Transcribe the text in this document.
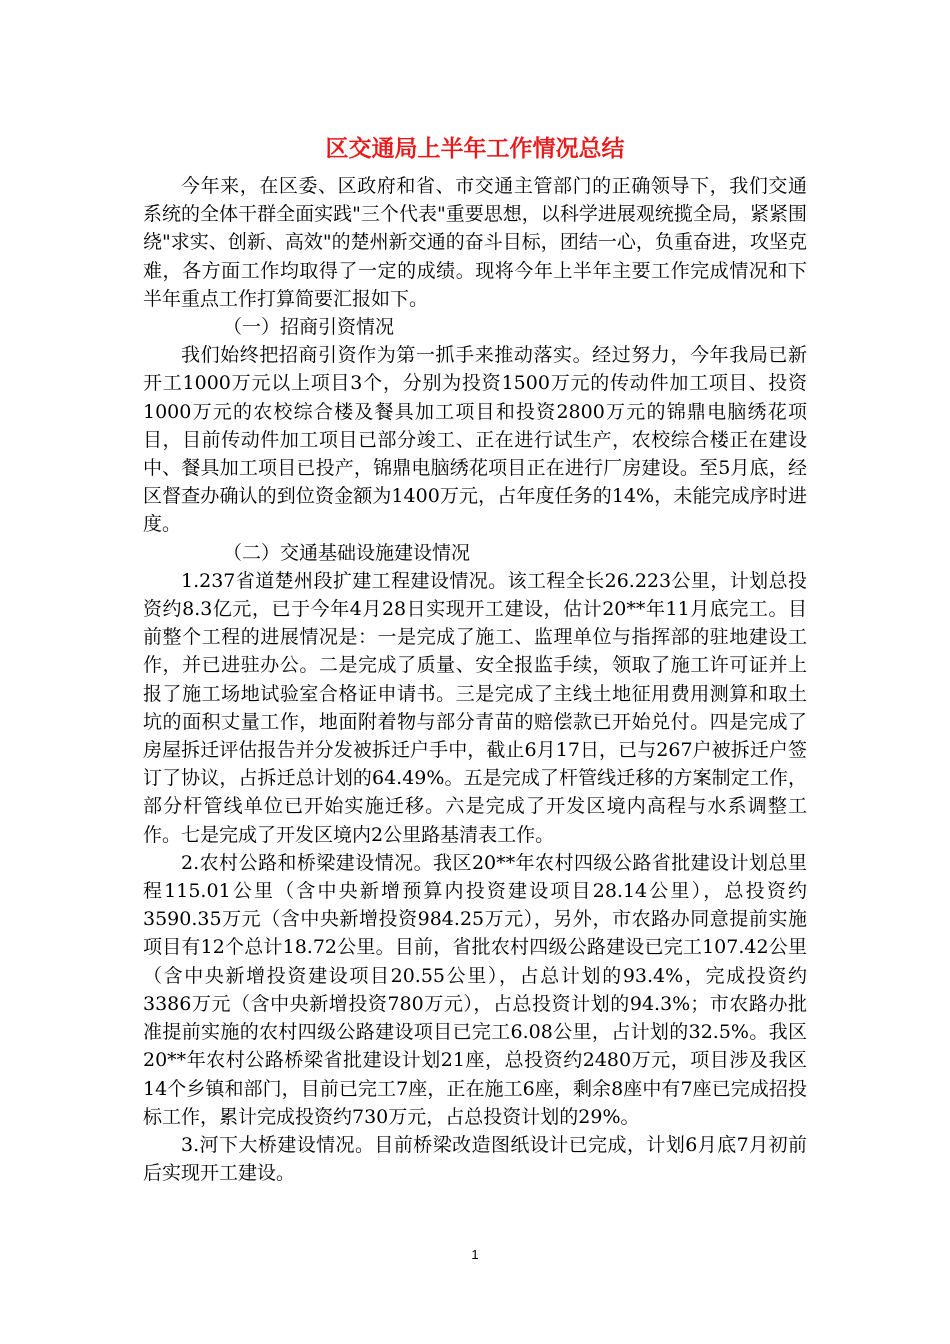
区交通局上半年工作情况总结

今年来，在区委、区政府和省、市交通主管部门的正确领导下，我们交通系统的全体干群全面实践"三个代表"重要思想，以科学进展观统揽全局，紧紧围绕"求实、创新、高效"的楚州新交通的奋斗目标，团结一心，负重奋进，攻坚克难，各方面工作均取得了一定的成绩。现将今年上半年主要工作完成情况和下半年重点工作打算简要汇报如下。

（一）招商引资情况

我们始终把招商引资作为第一抓手来推动落实。经过努力，今年我局已新开工1000万元以上项目3个，分别为投资1500万元的传动件加工项目、投资1000万元的农校综合楼及餐具加工项目和投资2800万元的锦鼎电脑绣花项目，目前传动件加工项目已部分竣工、正在进行试生产，农校综合楼正在建设中、餐具加工项目已投产，锦鼎电脑绣花项目正在进行厂房建设。至5月底，经区督查办确认的到位资金额为1400万元，占年度任务的14%，未能完成序时进度。

（二）交通基础设施建设情况

1.237省道楚州段扩建工程建设情况。该工程全长26.223公里，计划总投资约8.3亿元，已于今年4月28日实现开工建设，估计20**年11月底完工。目前整个工程的进展情况是：一是完成了施工、监理单位与指挥部的驻地建设工作，并已进驻办公。二是完成了质量、安全报监手续，领取了施工许可证并上报了施工场地试验室合格证申请书。三是完成了主线土地征用费用测算和取土坑的面积丈量工作，地面附着物与部分青苗的赔偿款已开始兑付。四是完成了房屋拆迁评估报告并分发被拆迁户手中，截止6月17日，已与267户被拆迁户签订了协议，占拆迁总计划的64.49%。五是完成了杆管线迁移的方案制定工作，部分杆管线单位已开始实施迁移。六是完成了开发区境内高程与水系调整工作。七是完成了开发区境内2公里路基清表工作。

2.农村公路和桥梁建设情况。我区20**年农村四级公路省批建设计划总里程115.01公里（含中央新增预算内投资建设项目28.14公里），总投资约3590.35万元（含中央新增投资984.25万元），另外，市农路办同意提前实施项目有12个总计18.72公里。目前，省批农村四级公路建设已完工107.42公里（含中央新增投资建设项目20.55公里），占总计划的93.4%，完成投资约3386万元（含中央新增投资780万元），占总投资计划的94.3%；市农路办批准提前实施的农村四级公路建设项目已完工6.08公里，占计划的32.5%。我区20**年农村公路桥梁省批建设计划21座，总投资约2480万元，项目涉及我区14个乡镇和部门，目前已完工7座，正在施工6座，剩余8座中有7座已完成招投标工作，累计完成投资约730万元，占总投资计划的29%。

3.河下大桥建设情况。目前桥梁改造图纸设计已完成，计划6月底7月初前后实现开工建设。

1
